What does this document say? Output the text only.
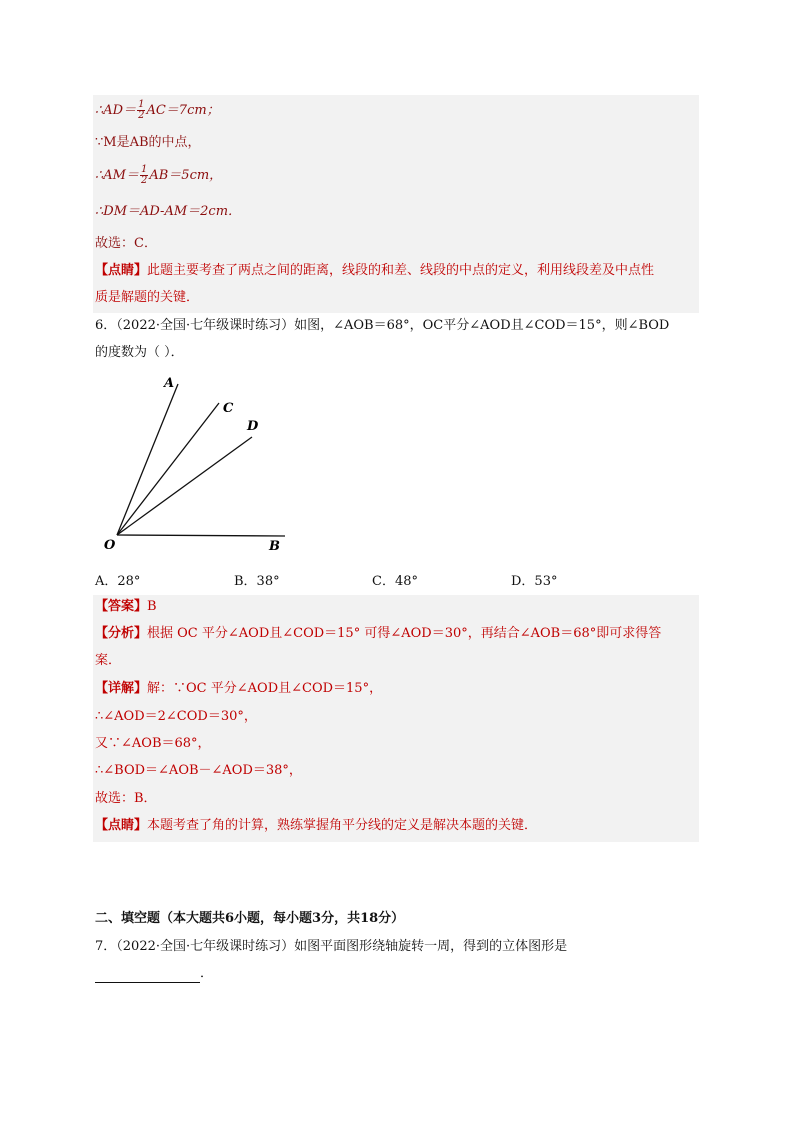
∴AD＝ $\frac{1}{2} AC=7cm$；
∵M是AB的中点，
∴AM＝ $\frac{1}{2} AB=5cm$，
∴DM＝AD-AM＝2cm．
故选：C．
【点睛】此题主要考查了两点之间的距离，线段的和差、线段的中点的定义，利用线段差及中点性
质是解题的关键．
6．（2022·全国·七年级课时练习）如图，∠AOB＝68°，OC平分∠AOD且∠COD＝15°，则∠BOD
的度数为（ ）．
A
C
D
O	B
A．28°	B．38°	C．48°	D．53°
【答案】B
【分析】根据 OC 平分∠AOD且∠COD＝15° 可得∠AOD＝30°，再结合∠AOB＝68°即可求得答
案．
【详解】解：∵OC 平分∠AOD且∠COD＝15°，
∴∠AOD＝2∠COD＝30°，
又∵∠AOB＝68°，
∴∠BOD＝∠AOB－∠AOD＝38°，
故选：B．
【点睛】本题考查了角的计算，熟练掌握角平分线的定义是解决本题的关键．
二、填空题（本大题共6小题，每小题3分，共18分）
7．（2022·全国·七年级课时练习）如图平面图形绕轴旋转一周，得到的立体图形是
．
